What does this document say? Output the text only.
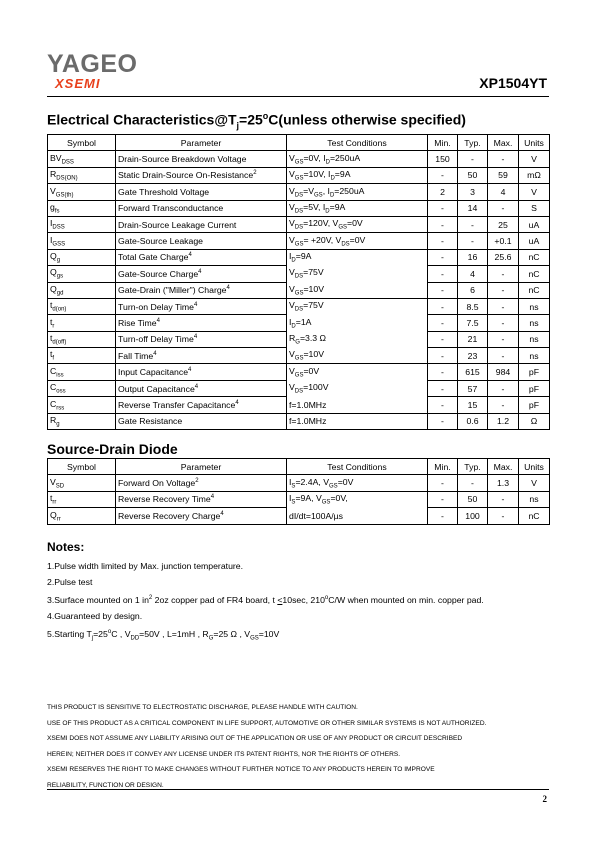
YAGEO
XSEMI	XP1504YT
Electrical $Characteristics@T_j=25^oC(unless$ otherwise specified)
Symbol	Parameter	Test Conditions	Min.	Typ.	Max.	Units
$BV_{DSS}$	Drain-Source Breakdown Voltage	$V_{GS}=0V$, $I_D=250uA$	150	-	-	V
$R_{DS(ON)}$	Static Drain-Source On-Resistance$^2$	$V_{GS}=10V$, $I_D=9A$	-	50	59	mΩ
$V_{GS(th)}$	Gate Threshold Voltage	$V_{DS}=V_{GS}$, $I_D=250uA$	2	3	4	V
$g_{fs}$	Forward Transconductance	$V_{DS}=5V$, $I_D=9A$	-	14	-	S
$I_{DSS}$	Drain-Source Leakage Current	$V_{DS}=120V$, $V_{GS}=0V$	-	-	25	uA
$I_{GSS}$	Gate-Source Leakage	$V_{GS}= +20V$, $V_{DS}=0V$	-	-	+0.1	uA
$Q_g$	Total Gate Charge$^4$	$I_D=9A$	-	16	25.6	nC
$Q_{gs}$	Gate-Source Charge$^4$	$V_{DS}=75V$	-	4	-	nC
$Q_{gd}$	Gate-Drain ("Miller") Charge$^4$	$V_{GS}=10V$	-	6	-	nC
$t_{d(on)}$	Turn-on Delay Time$^4$	$V_{DS}=75V$	-	8.5	-	ns
$t_r$	Rise Time$^4$	$I_D=1A$	-	7.5	-	ns
$t_{d(off)}$	Turn-off Delay Time$^4$	$R_G=3.3$ Ω	-	21	-	ns
$t_f$	Fall Time$^4$	$V_{GS}=10V$	-	23	-	ns
$C_{iss}$	Input Capacitance$^4$	$V_{GS}=0V$	-	615	984	pF
$C_{oss}$	Output Capacitance$^4$	$V_{DS}=100V$	-	57	-	pF
$C_{rss}$	Reverse Transfer Capacitance$^4$	f=1.0MHz	-	15	-	pF
$R_g$	Gate Resistance	f=1.0MHz	-	0.6	1.2	Ω
Source-Drain Diode
Symbol	Parameter	Test Conditions	Min.	Typ.	Max.	Units
$V_{SD}$	Forward On Voltage$^2$	$I_S=2.4A$, $V_{GS}=0V$	-	-	1.3	V
$t_{rr}$	Reverse Recovery Time$^4$	$I_S=9A$, $V_{GS}=0V$,	-	50	-	ns
$Q_{rr}$	Reverse Recovery Charge$^4$	dI/dt=100A/µs	-	100	-	nC
Notes:
1.Pulse width limited by Max. junction temperature.
2.Pulse test
3.Surface mounted on 1 $in^2$ 2oz copper pad of FR4 board, t <10sec, 210$^o$C/W when mounted on min. copper pad.
4.Guaranteed by design.
5.Starting $T_j=25^oC$ , $V_{DD}=50V$ , L=1mH , $R_G=25$ Ω , $V_{GS}=10V$
THIS PRODUCT IS SENSITIVE TO ELECTROSTATIC DISCHARGE, PLEASE HANDLE WITH CAUTION.
USE OF THIS PRODUCT AS A CRITICAL COMPONENT IN LIFE SUPPORT, AUTOMOTIVE OR OTHER SIMILAR SYSTEMS IS NOT AUTHORIZED.
XSEMI DOES NOT ASSUME ANY LIABILITY ARISING OUT OF THE APPLICATION OR USE OF ANY PRODUCT OR CIRCUIT DESCRIBED
HEREIN; NEITHER DOES IT CONVEY ANY LICENSE UNDER ITS PATENT RIGHTS, NOR THE RIGHTS OF OTHERS.
XSEMI RESERVES THE RIGHT TO MAKE CHANGES WITHOUT FURTHER NOTICE TO ANY PRODUCTS HEREIN TO IMPROVE
RELIABILITY, FUNCTION OR DESIGN.
2
